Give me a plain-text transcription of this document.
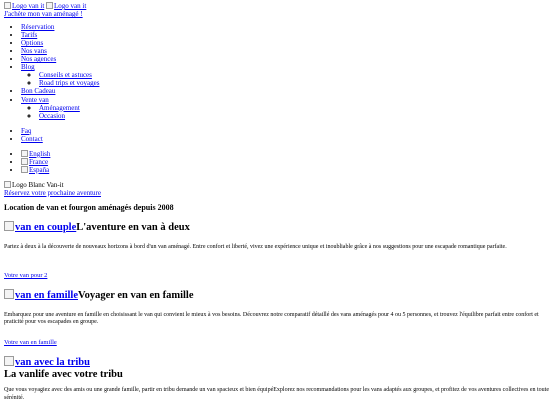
Logo van it Logo van it
J'achète mon van aménagé !
• Réservation
• Tarifs
• Options
• Nos vans
• Nos agences
• Blog
◦ Conseils et astuces
◦ Road trips et voyages
• Bon Cadeau
• Vente van
◦ Aménagement
◦ Occasion
• Faq
• Contact
• English
• France
• España
Logo Blanc Van-it
Réservez votre prochaine aventure
Location de van et fourgon aménagés depuis 2008
van en coupleL'aventure en van à deux

Partez à deux à la découverte de nouveaux horizons à bord d'un van aménagé. Entre confort et liberté, vivez une expérience unique et inoubliable grâce à nos suggestions pour une escapade romantique parfaite.

Votre van pour 2
van en familleVoyager en van en famille

Embarquez pour une aventure en famille en choisissant le van qui convient le mieux à vos besoins. Découvrez notre comparatif détaillé des vans aménagés pour 4 ou 5 personnes, et trouvez l'équilibre parfait entre confort et praticité pour vos escapades en groupe.

Votre van en famille
van avec la tribu
La vanlife avec votre tribu

Que vous voyagiez avec des amis ou une grande famille, partir en tribu demande un van spacieux et bien équipéExplorez nos recommandations pour les vans adaptés aux groupes, et profitez de vos aventures collectives en toute sérénité.
